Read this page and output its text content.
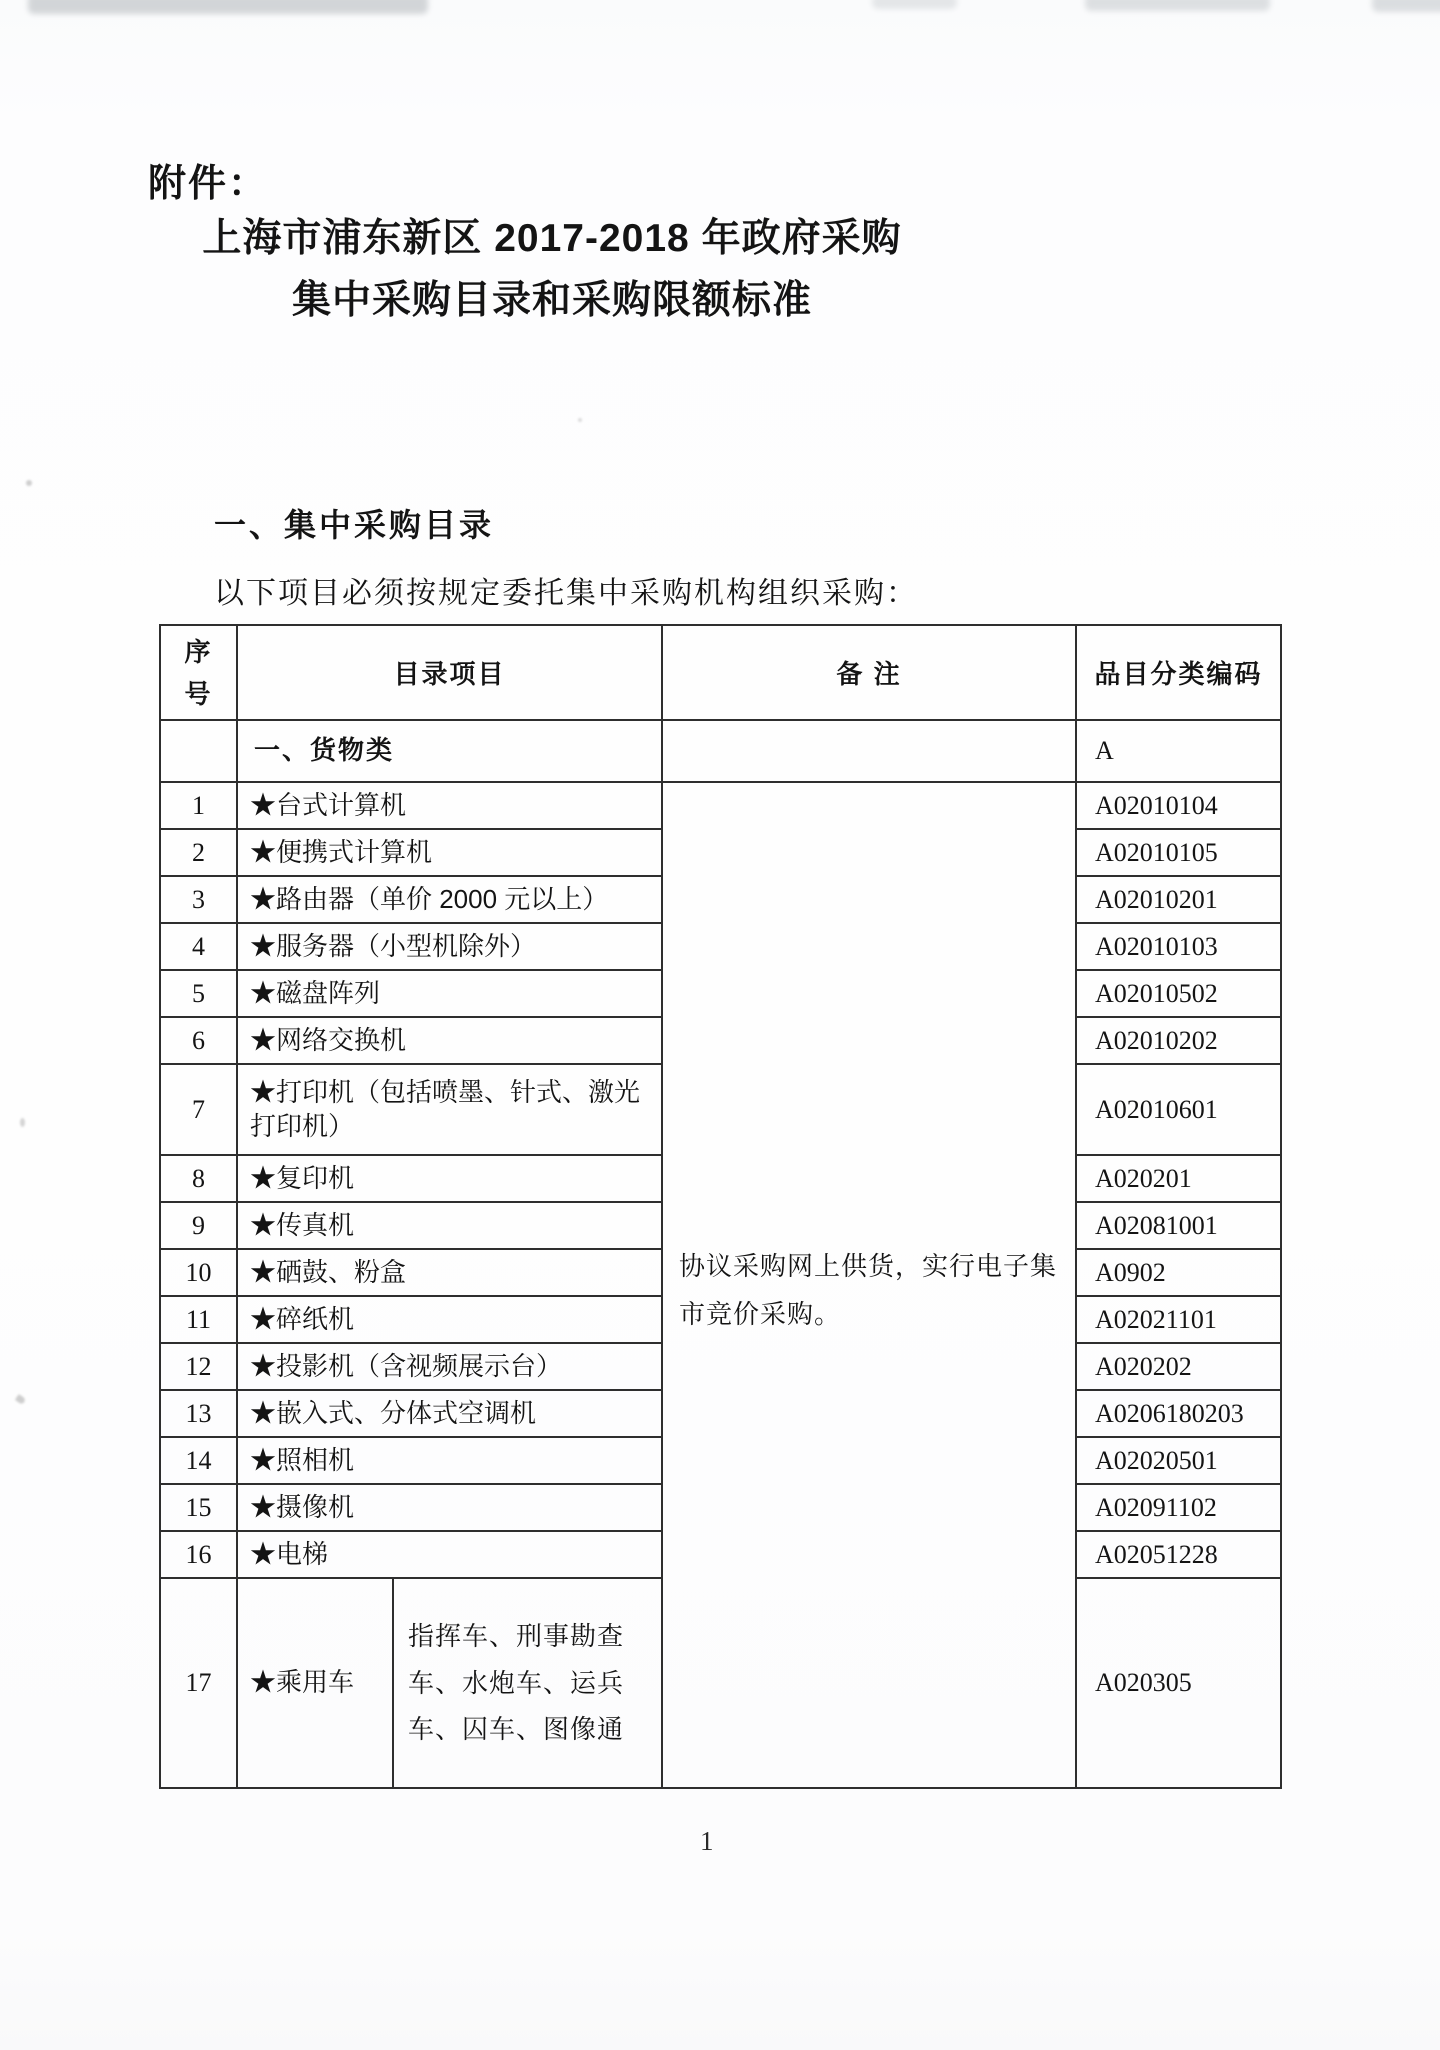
附件：
上海市浦东新区 2017-2018 年政府采购
集中采购目录和采购限额标准
一、集中采购目录
以下项目必须按规定委托集中采购机构组织采购：
序号	目录项目		备 注	品目分类编码
	一、货物类			A
1	★台式计算机		协议采购网上供货，实行电子集市竞价采购。	A02010104
2	★便携式计算机			A02010105
3	★路由器（单价 2000 元以上）			A02010201
4	★服务器（小型机除外）			A02010103
5	★磁盘阵列			A02010502
6	★网络交换机			A02010202
7	★打印机（包括喷墨、针式、激光打印机）			A02010601
8	★复印机			A020201
9	★传真机			A02081001
10	★硒鼓、粉盒			A0902
11	★碎纸机			A02021101
12	★投影机（含视频展示台）			A020202
13	★嵌入式、分体式空调机			A0206180203
14	★照相机			A02020501
15	★摄像机			A02091102
16	★电梯			A02051228
17	★乘用车	指挥车、刑事勘查车、水炮车、运兵车、囚车、图像通		A020305
1
